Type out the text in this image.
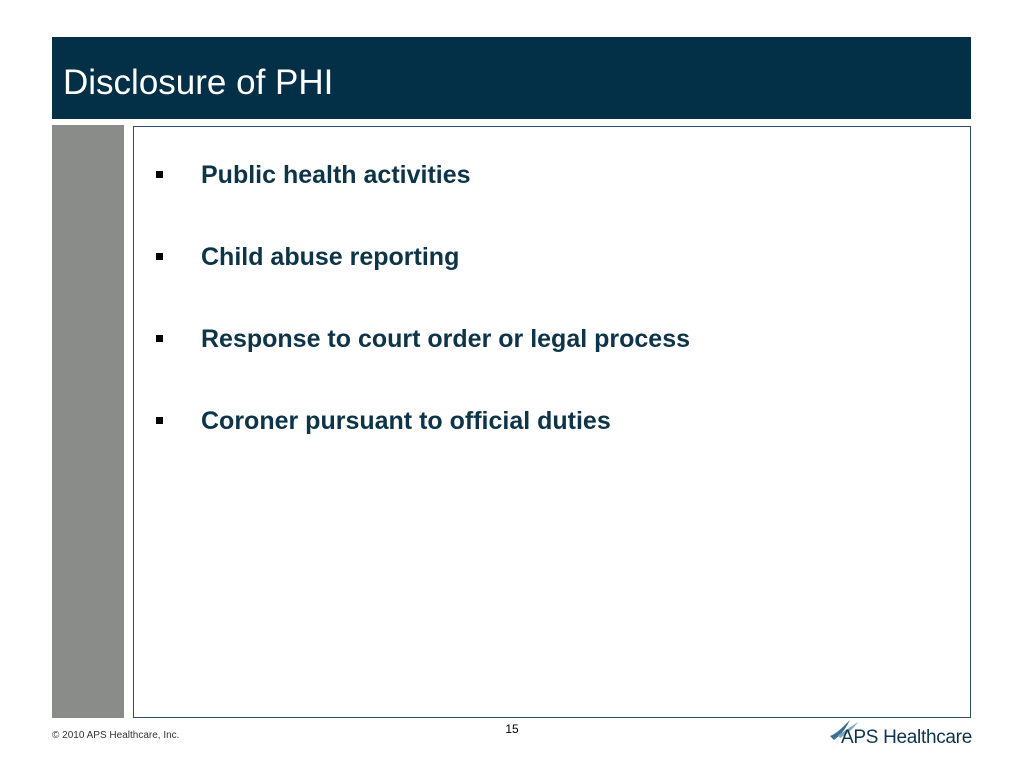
Disclosure of PHI
Public health activities
Child abuse reporting
Response to court order or legal process
Coroner pursuant to official duties
© 2010 APS Healthcare, Inc.	15	APS Healthcare
